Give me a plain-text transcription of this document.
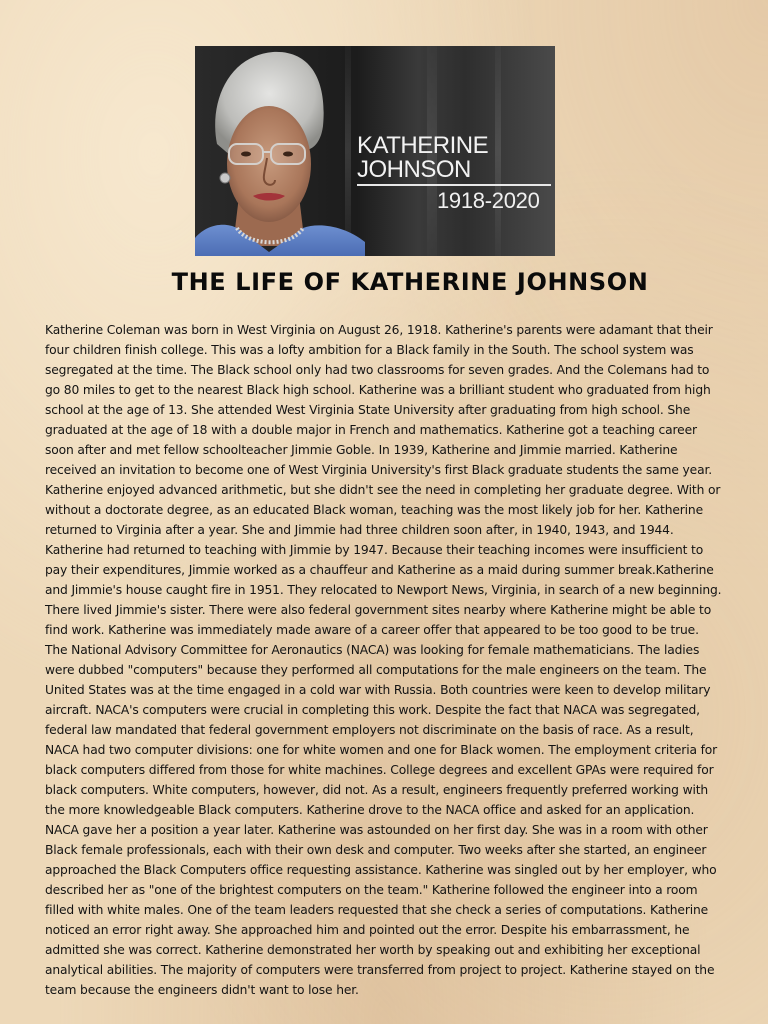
KATHERINE
JOHNSON
1918-2020
THE LIFE OF KATHERINE JOHNSON

Katherine Coleman was born in West Virginia on August 26, 1918. Katherine's parents were adamant that their four children finish college. This was a lofty ambition for a Black family in the South. The school system was segregated at the time. The Black school only had two classrooms for seven grades. And the Colemans had to go 80 miles to get to the nearest Black high school. Katherine was a brilliant student who graduated from high school at the age of 13. She attended West Virginia State University after graduating from high school. She graduated at the age of 18 with a double major in French and mathematics. Katherine got a teaching career soon after and met fellow schoolteacher Jimmie Goble. In 1939, Katherine and Jimmie married. Katherine received an invitation to become one of West Virginia University's first Black graduate students the same year. Katherine enjoyed advanced arithmetic, but she didn't see the need in completing her graduate degree. With or without a doctorate degree, as an educated Black woman, teaching was the most likely job for her. Katherine returned to Virginia after a year. She and Jimmie had three children soon after, in 1940, 1943, and 1944. Katherine had returned to teaching with Jimmie by 1947. Because their teaching incomes were insufficient to pay their expenditures, Jimmie worked as a chauffeur and Katherine as a maid during summer break.Katherine and Jimmie's house caught fire in 1951. They relocated to Newport News, Virginia, in search of a new beginning. There lived Jimmie's sister. There were also federal government sites nearby where Katherine might be able to find work. Katherine was immediately made aware of a career offer that appeared to be too good to be true. The National Advisory Committee for Aeronautics (NACA) was looking for female mathematicians. The ladies were dubbed "computers" because they performed all computations for the male engineers on the team. The United States was at the time engaged in a cold war with Russia. Both countries were keen to develop military aircraft. NACA's computers were crucial in completing this work. Despite the fact that NACA was segregated, federal law mandated that federal government employers not discriminate on the basis of race. As a result, NACA had two computer divisions: one for white women and one for Black women. The employment criteria for black computers differed from those for white machines. College degrees and excellent GPAs were required for black computers. White computers, however, did not. As a result, engineers frequently preferred working with the more knowledgeable Black computers. Katherine drove to the NACA office and asked for an application. NACA gave her a position a year later. Katherine was astounded on her first day. She was in a room with other Black female professionals, each with their own desk and computer. Two weeks after she started, an engineer approached the Black Computers office requesting assistance. Katherine was singled out by her employer, who described her as "one of the brightest computers on the team." Katherine followed the engineer into a room filled with white males. One of the team leaders requested that she check a series of computations. Katherine noticed an error right away. She approached him and pointed out the error. Despite his embarrassment, he admitted she was correct. Katherine demonstrated her worth by speaking out and exhibiting her exceptional analytical abilities. The majority of computers were transferred from project to project. Katherine stayed on the team because the engineers didn't want to lose her.
